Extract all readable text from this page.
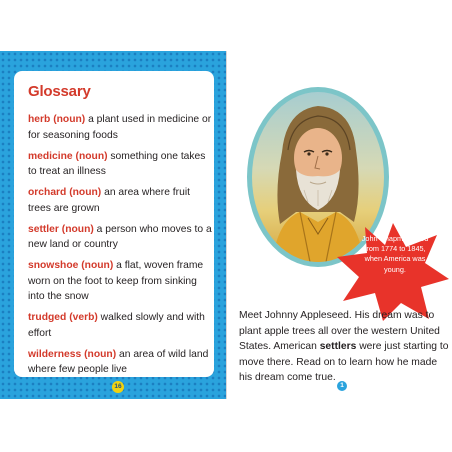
Glossary
herb (noun) a plant used in medicine or for seasoning foods
medicine (noun) something one takes to treat an illness
orchard (noun) an area where fruit trees are grown
settler (noun) a person who moves to a new land or country
snowshoe (noun) a flat, woven frame worn on the foot to keep from sinking into the snow
trudged (verb) walked slowly and with effort
wilderness (noun) an area of wild land where few people live
16
John Chapman lived from 1774 to 1845, when America was young.

Meet Johnny Appleseed. His dream was to plant apple trees all over the western United States. American settlers were just starting to move there. Read on to learn how he made his dream come true.

1
